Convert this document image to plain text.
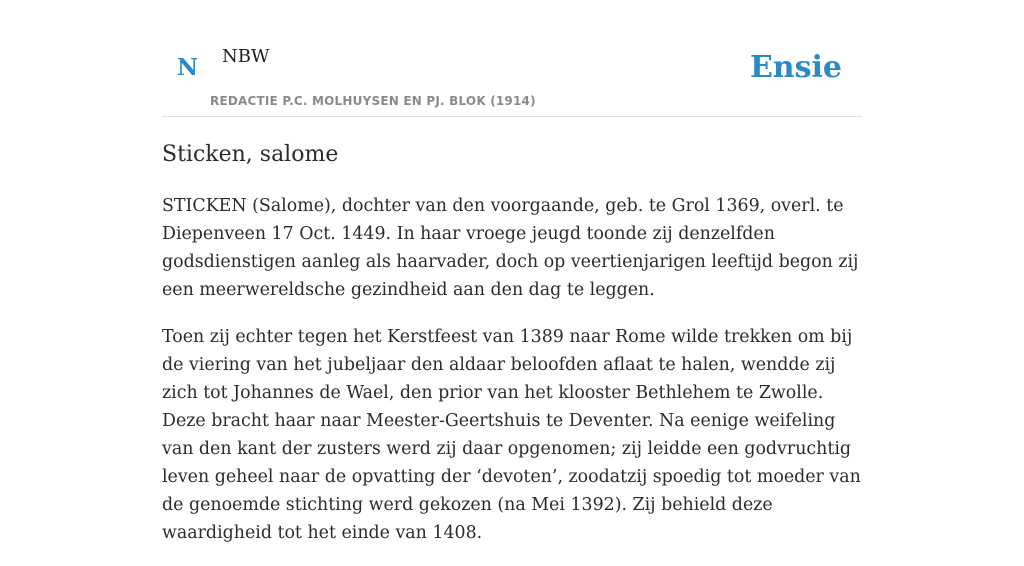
N NBW
REDACTIE P.C. MOLHUYSEN EN PJ. BLOK (1914)
Ensie
Sticken, salome

STICKEN (Salome), dochter van den voorgaande, geb. te Grol 1369, overl. te Diepenveen 17 Oct. 1449. In haar vroege jeugd toonde zij denzelfden godsdienstigen aanleg als haarvader, doch op veertienjarigen leeftijd begon zij een meerwereldsche gezindheid aan den dag te leggen.

Toen zij echter tegen het Kerstfeest van 1389 naar Rome wilde trekken om bij de viering van het jubeljaar den aldaar beloofden aflaat te halen, wendde zij zich tot Johannes de Wael, den prior van het klooster Bethlehem te Zwolle. Deze bracht haar naar Meester-Geertshuis te Deventer. Na eenige weifeling van den kant der zusters werd zij daar opgenomen; zij leidde een godvruchtig leven geheel naar de opvatting der ‘devoten’, zoodatzij spoedig tot moeder van de genoemde stichting werd gekozen (na Mei 1392). Zij behield deze waardigheid tot het einde van 1408.
